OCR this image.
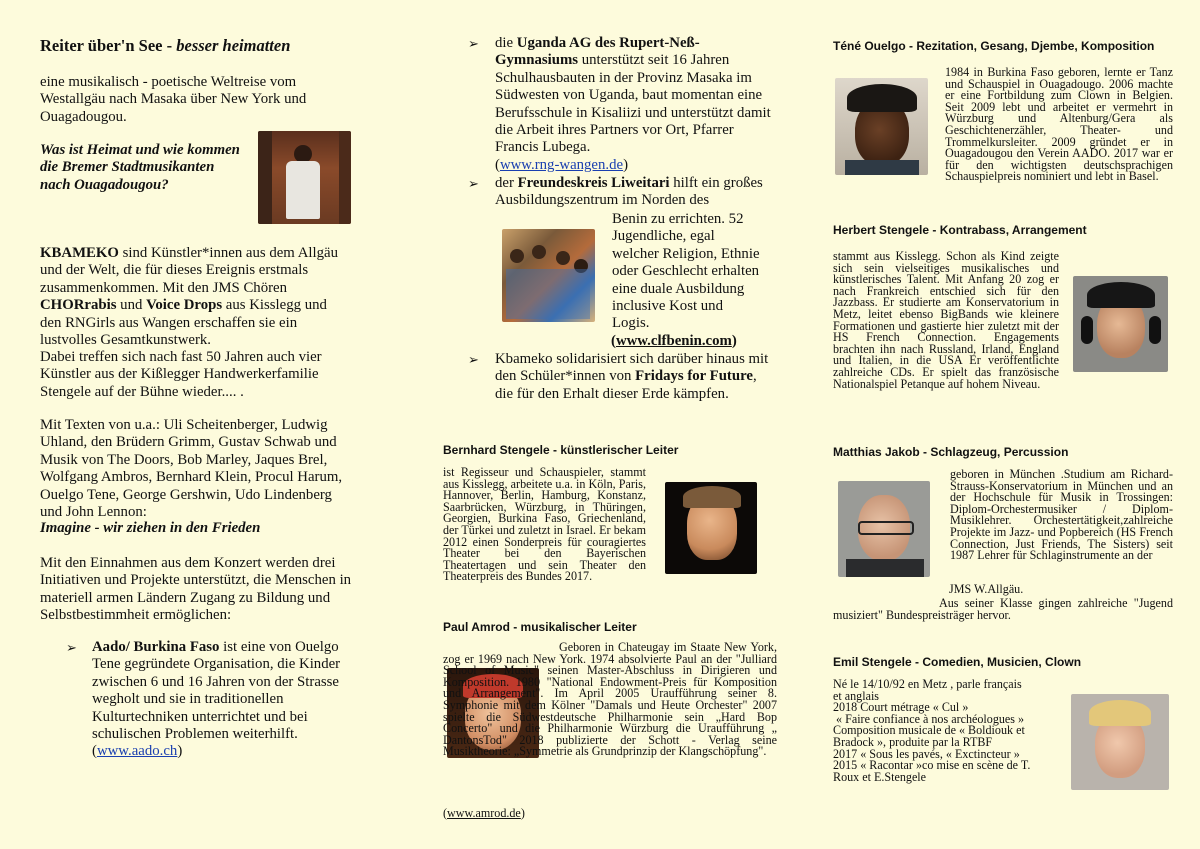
Reiter über'n See - besser heimatten

eine musikalisch - poetische Weltreise vom Westallgäu nach Masaka über New York und Ouagadougou.

Was ist Heimat und wie kommen die Bremer Stadtmusikanten nach Ouagadougou?

KBAMEKO sind Künstler*innen aus dem Allgäu und der Welt, die für dieses Ereignis erstmals zusammenkommen. Mit den JMS Chören CHORrabis und Voice Drops aus Kisslegg und den RNGirls aus Wangen erschaffen sie ein lustvolles Gesamtkunstwerk.

Dabei treffen sich nach fast 50 Jahren auch vier Künstler aus der Kißlegger Handwerkerfamilie Stengele auf der Bühne wieder.... .

Mit Texten von u.a.: Uli Scheitenberger, Ludwig Uhland, den Brüdern Grimm, Gustav Schwab und Musik von The Doors, Bob Marley, Jaques Brel, Wolfgang Ambros, Bernhard Klein, Procul Harum, Ouelgo Tene, George Gershwin, Udo Lindenberg und John Lennon:

Imagine - wir ziehen in den Frieden

Mit den Einnahmen aus dem Konzert werden drei Initiativen und Projekte unterstützt, die Menschen in materiell armen Ländern Zugang zu Bildung und Selbstbestimmheit ermöglichen:

➢ Aado/ Burkina Faso ist eine von Ouelgo Tene gegründete Organisation, die Kinder zwischen 6 und 16 Jahren von der Strasse wegholt und sie in traditionellen Kulturtechniken unterrichtet und bei schulischen Problemen weiterhilft.
(www.aado.ch)

➢ die Uganda AG des Rupert-Neß-Gymnasiums unterstützt seit 16 Jahren Schulhausbauten in der Provinz Masaka im Südwesten von Uganda, baut momentan eine Berufsschule in Kisaliizi und unterstützt damit die Arbeit ihres Partners vor Ort, Pfarrer Francis Lubega.
(www.rng-wangen.de)

➢ der Freundeskreis Liweitari hilft ein großes Ausbildungszentrum im Norden des

Benin zu errichten. 52 Jugendliche, egal welcher Religion, Ethnie oder Geschlecht erhalten eine duale Ausbildung inclusive Kost und Logis.

(www.clfbenin.com)

➢ Kbameko solidarisiert sich darüber hinaus mit den Schüler*innen von Fridays for Future, die für den Erhalt dieser Erde kämpfen.

Bernhard Stengele - künstlerischer Leiter

ist Regisseur und Schauspieler, stammt aus Kisslegg, arbeitete u.a. in Köln, Paris, Hannover, Berlin, Hamburg, Konstanz, Saarbrücken, Würzburg, in Thüringen, Georgien, Burkina Faso, Griechenland, der Türkei und zuletzt in Israel. Er bekam 2012 einen Sonderpreis für couragiertes Theater bei den Bayerischen Theatertagen und sein Theater den Theaterpreis des Bundes 2017.

Paul Amrod - musikalischer Leiter

Geboren in Chateugay im Staate New York, zog er 1969 nach New York. 1974 absolvierte Paul an der "Julliard School of Music" seinen Master-Abschluss in Dirigieren und Komposition. 1980 "National Endowment-Preis für Komposition und Arrangement". Im April 2005 Uraufführung seiner 8. Symphonie mit dem Kölner "Damals und Heute Orchester" 2007 spielte die Südwestdeutsche Philharmonie sein „Hard Bop Concerto" und die Philharmonie Würzburg die Uraufführung „ DantonsTod" 2018 publizierte der Schott - Verlag seine Musiktheorie: „Symmetrie als Grundprinzip der Klangschöpfung".

(www.amrod.de)

Téné Ouelgo - Rezitation, Gesang, Djembe, Komposition

1984 in Burkina Faso geboren, lernte er Tanz und Schauspiel in Ouagadougo. 2006 machte er eine Fortbildung zum Clown in Belgien. Seit 2009 lebt und arbeitet er vermehrt in Würzburg und Altenburg/Gera als Geschichtenerzähler, Theater- und Trommelkursleiter. 2009 gründet er in Ouagadougou den Verein AADO. 2017 war er für den wichtigsten deutschsprachigen Schauspielpreis nominiert und lebt in Basel.

Herbert Stengele - Kontrabass, Arrangement

stammt aus Kisslegg. Schon als Kind zeigte sich sein vielseitiges musikalisches und künstlerisches Talent. Mit Anfang 20 zog er nach Frankreich entschied sich für den Jazzbass. Er studierte am Konservatorium in Metz, leitet ebenso BigBands wie kleinere Formationen und gastierte hier zuletzt mit der HS French Connection. Engagements brachten ihn nach Russland, Irland, England und Italien, in die USA Er veröffentlichte zahlreiche CDs. Er spielt das französische Nationalspiel Petanque auf hohem Niveau.

Matthias Jakob - Schlagzeug, Percussion

geboren in München .Studium am Richard-Strauss-Konservatorium in München und an der Hochschule für Musik in Trossingen: Diplom-Orchestermusiker / Diplom-Musiklehrer. Orchestertätigkeit,zahlreiche Projekte im Jazz- und Popbereich (HS French Connection, Just Friends, The Sisters) seit 1987 Lehrer für Schlaginstrumente an der

JMS W.Allgäu.

Aus seiner Klasse gingen zahlreiche "Jugend musiziert" Bundespreisträger hervor.

Emil Stengele - Comedien, Musicien, Clown

Né le 14/10/92 en Metz , parle français

et anglais

2018 Court métrage « Cul »

« Faire confiance à nos archéologues »

Composition musicale de « Boldiouk et

Bradock », produite par la RTBF

2017 « Sous les pavés, « Exctincteur »

2015 « Racontar »co mise en scène de T.

Roux et E.Stengele
